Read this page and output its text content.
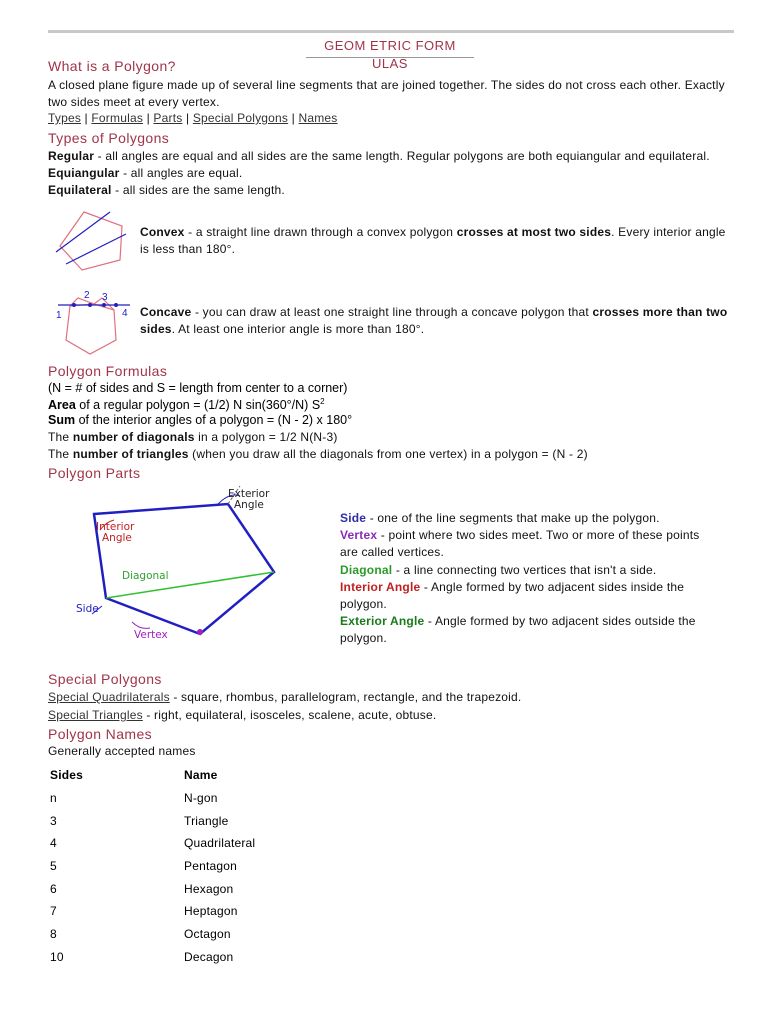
GEOM ETRIC FORM ULAS
What is a Polygon?
A closed plane figure made up of several line segments that are joined together. The sides do not cross each other. Exactly two sides meet at every vertex.
Types | Formulas | Parts | Special Polygons | Names
Types of Polygons
Regular - all angles are equal and all sides are the same length. Regular polygons are both equiangular and equilateral.
Equiangular - all angles are equal.
Equilateral - all sides are the same length.
Convex - a straight line drawn through a convex polygon crosses at most two sides. Every interior angle is less than 180°.
1
2 3
4 Concave - you can draw at least one straight line through a concave polygon that crosses more than two sides. At least one interior angle is more than 180°.
Polygon Formulas
(N = # of sides and S = length from center to a corner)
Area of a regular polygon = (1/2) N sin(360°/N) $S^2$
Sum of the interior angles of a polygon = (N - 2) x 180°
The number of diagonals in a polygon = 1/2 N(N-3)
The number of triangles (when you draw all the diagonals from one vertex) in a polygon = (N - 2)
Polygon Parts
Exterior
Angle
Interior
Angle
Diagonal
Side
Vertex
Side - one of the line segments that make up the polygon.
Vertex - point where two sides meet. Two or more of these points are called vertices.
Diagonal - a line connecting two vertices that isn't a side.
Interior Angle - Angle formed by two adjacent sides inside the polygon.
Exterior Angle - Angle formed by two adjacent sides outside the polygon.
Special Polygons
Special Quadrilaterals - square, rhombus, parallelogram, rectangle, and the trapezoid.
Special Triangles - right, equilateral, isosceles, scalene, acute, obtuse.
Polygon Names
Generally accepted names
Sides	Name
n	N-gon
3	Triangle
4	Quadrilateral
5	Pentagon
6	Hexagon
7	Heptagon
8	Octagon
10	Decagon
